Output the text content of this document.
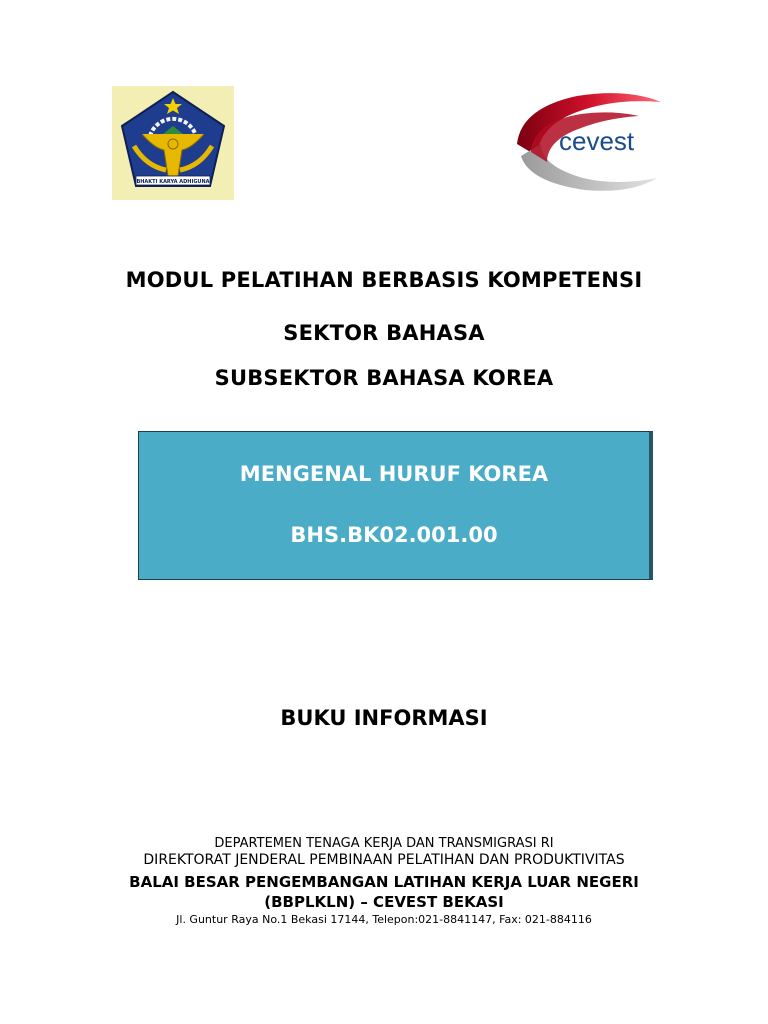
BHAKTI KARYA ADHIGUNA
cevest
MODUL PELATIHAN BERBASIS KOMPETENSI
SEKTOR BAHASA
SUBSEKTOR BAHASA KOREA
MENGENAL HURUF KOREA
BHS.BK02.001.00
BUKU INFORMASI
DEPARTEMEN TENAGA KERJA DAN TRANSMIGRASI RI
DIREKTORAT JENDERAL PEMBINAAN PELATIHAN DAN PRODUKTIVITAS
BALAI BESAR PENGEMBANGAN LATIHAN KERJA LUAR NEGERI
(BBPLKLN) – CEVEST BEKASI
Jl. Guntur Raya No.1 Bekasi 17144, Telepon:021-8841147, Fax: 021-884116
